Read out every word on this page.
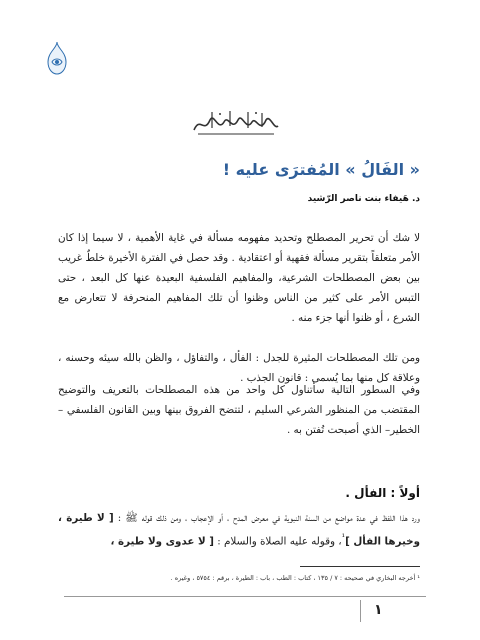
« الفَالُ » المُفترَى عليه !
د. هَيفاء بنت ناصر الرّشيد

لا شك أن تحرير المصطلح وتحديد مفهومه مسألة في غاية الأهمية ، لا سيما إذا كان الأمر متعلقاً بتقرير مسألة فقهية أو اعتقادية . وقد حصل في الفترة الأخيرة خلطٌ غريب بين بعض المصطلحات الشرعية، والمفاهيم الفلسفية البعيدة عنها كل البعد ، حتى التبس الأمر على كثير من الناس وظنوا أن تلك المفاهيم المنحرفة لا تتعارض مع الشرع ، أو ظنوا أنها جزء منه .

ومن تلك المصطلحات المثيرة للجدل : الفأل ، والتفاؤل ، والظن بالله سيئه وحسنه ، وعلاقة كل منها بما يُسمى : قانون الجذب .

وفي السطور التالية سأتناول كل واحد من هذه المصطلحات بالتعريف والتوضيح المقتضب من المنظور الشرعي السليم ، لتتضح الفروق بينها وبين القانون الفلسفي – الخطير– الذي أصبحت تُفتن به .

أولاً : الفأل .

ورد هذا اللفظ في عدة مواضع من السنة النبوية في معرض المدح ، أو الإعجاب ، ومن ذلك قوله ﷺ : [ لا طيرة ، وخيرها الفأل ]$^{^1}$، وقوله عليه الصلاة والسلام : [ لا عدوى ولا طيرة ،

¹ أخرجه البخاري في صحيحه : ٧ / ١٣٥ ، كتاب : الطب ، باب : الطيرة ، برقم : ٥٧٥٤ ، وغيره .
١
